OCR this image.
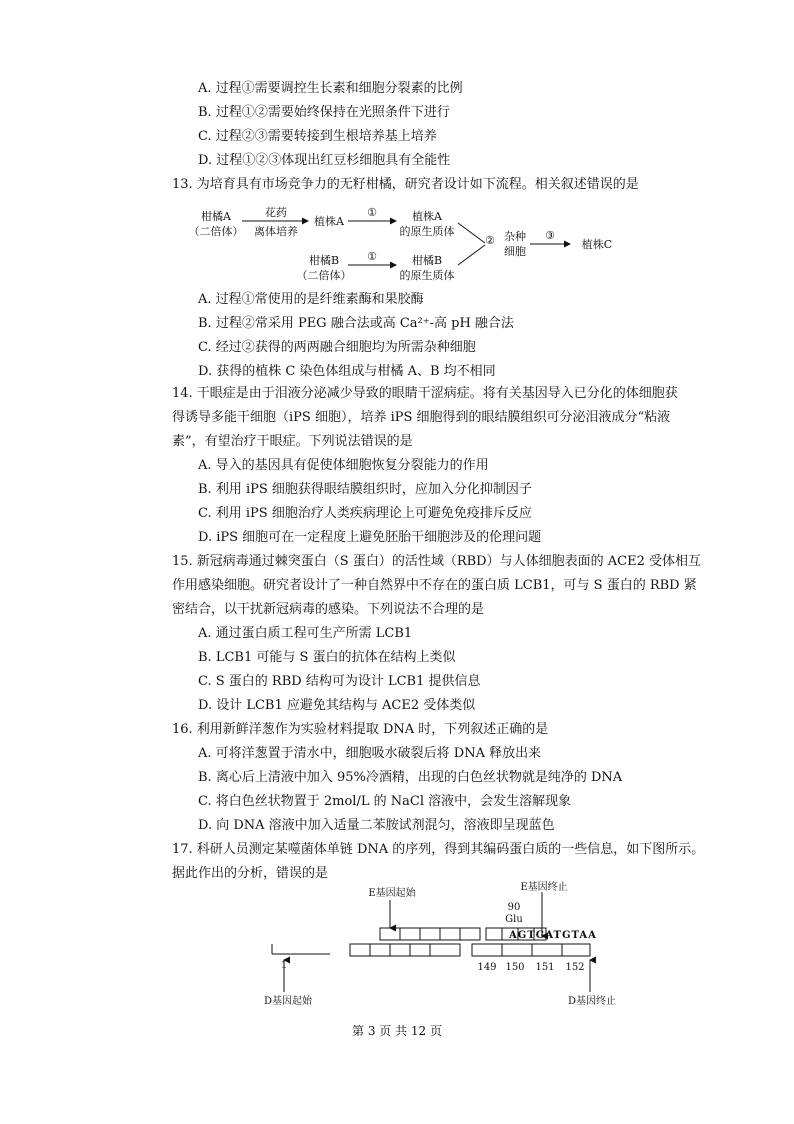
A. 过程①需要调控生长素和细胞分裂素的比例
B. 过程①②需要始终保持在光照条件下进行
C. 过程②③需要转接到生根培养基上培养
D. 过程①②③体现出红豆杉细胞具有全能性
13. 为培育具有市场竞争力的无籽柑橘，研究者设计如下流程。相关叙述错误的是
柑橘A
（二倍体）
花药
离体培养
植株A
①	植株A
的原生质体
柑橘B
（二倍体）
①	柑橘B
的原生质体
② 杂种
细胞
③
植株C
A. 过程①常使用的是纤维素酶和果胶酶
B. 过程②常采用 PEG 融合法或高 Ca²⁺-高 pH 融合法
C. 经过②获得的两两融合细胞均为所需杂种细胞
D. 获得的植株 C 染色体组成与柑橘 A、B 均不相同
14. 干眼症是由于泪液分泌减少导致的眼睛干涩病症。将有关基因导入已分化的体细胞获
得诱导多能干细胞（iPS 细胞），培养 iPS 细胞得到的眼结膜组织可分泌泪液成分“粘液
素”，有望治疗干眼症。下列说法错误的是
A. 导入的基因具有促使体细胞恢复分裂能力的作用
B. 利用 iPS 细胞获得眼结膜组织时，应加入分化抑制因子
C. 利用 iPS 细胞治疗人类疾病理论上可避免免疫排斥反应
D. iPS 细胞可在一定程度上避免胚胎干细胞涉及的伦理问题
15. 新冠病毒通过棘突蛋白（S 蛋白）的活性域（RBD）与人体细胞表面的 ACE2 受体相互
作用感染细胞。研究者设计了一种自然界中不存在的蛋白质 LCB1，可与 S 蛋白的 RBD 紧
密结合，以干扰新冠病毒的感染。下列说法不合理的是
A. 通过蛋白质工程可生产所需 LCB1
B. LCB1 可能与 S 蛋白的抗体在结构上类似
C. S 蛋白的 RBD 结构可为设计 LCB1 提供信息
D. 设计 LCB1 应避免其结构与 ACE2 受体类似
16. 利用新鲜洋葱作为实验材料提取 DNA 时，下列叙述正确的是
A. 可将洋葱置于清水中，细胞吸水破裂后将 DNA 释放出来
B. 离心后上清液中加入 95%冷酒精，出现的白色丝状物就是纯净的 DNA
C. 将白色丝状物置于 2mol/L 的 NaCl 溶液中，会发生溶解现象
D. 向 DNA 溶液中加入适量二苯胺试剂混匀，溶液即呈现蓝色
17. 科研人员测定某噬菌体单链 DNA 的序列，得到其编码蛋白质的一些信息，如下图所示。
据此作出的分析，错误的是
E基因起始
E基因终止
90
Glu
AGTGATGTAA
149 150 151 152
1
D基因起始	D基因终止
第 3 页 共 12 页
